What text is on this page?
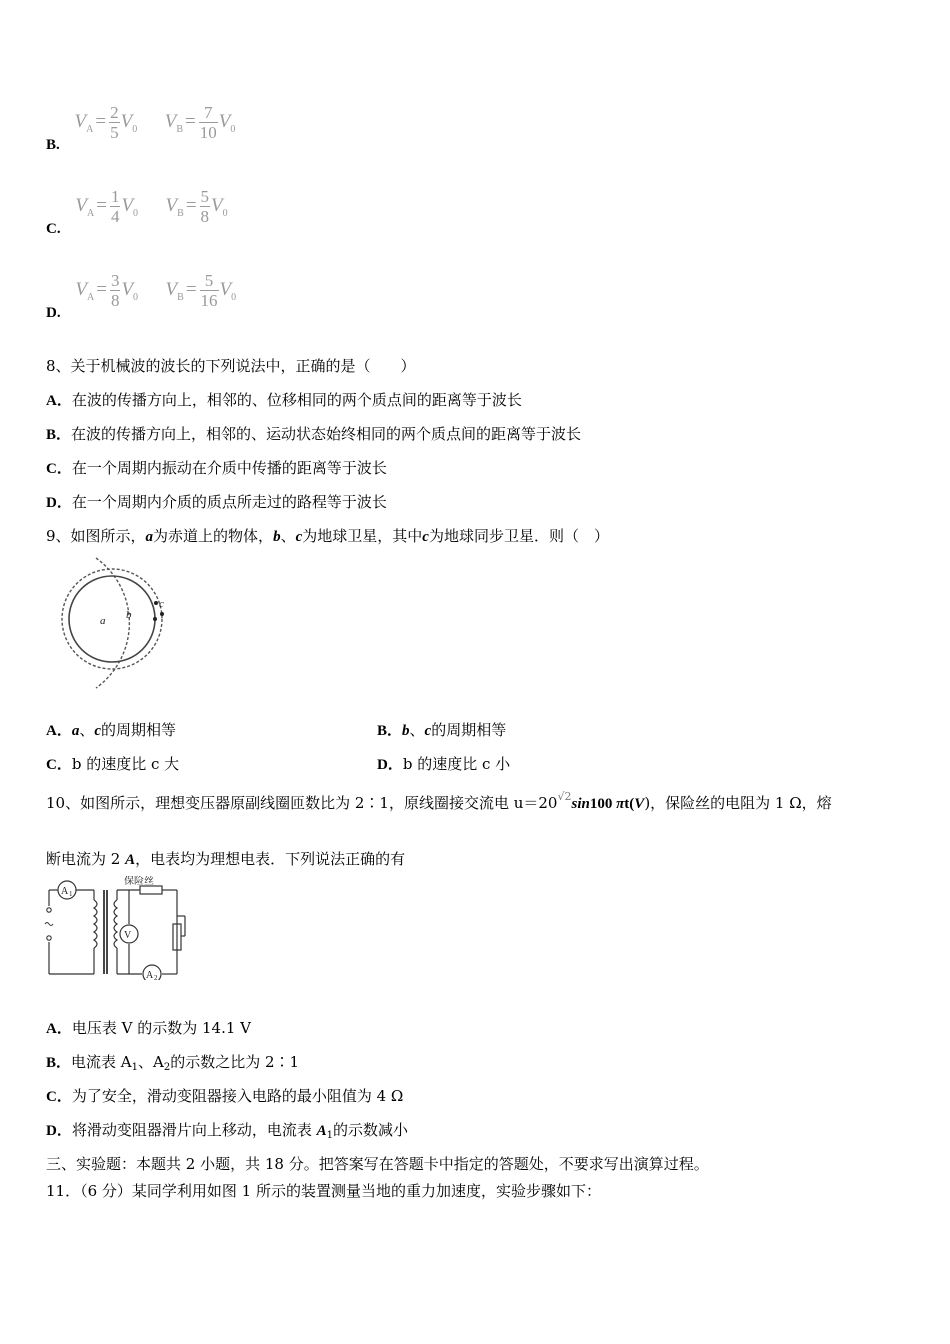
B. $V_A = \frac{2}{5} V_0$ $V_B = \frac{7}{10} V_0$
C. $V_A = \frac{1}{4} V_0$ $V_B = \frac{5}{8} V_0$
D. $V_A = \frac{3}{8} V_0$ $V_B = \frac{5}{16} V_0$
8、关于机械波的波长的下列说法中，正确的是（　　）
A．在波的传播方向上，相邻的、位移相同的两个质点间的距离等于波长
B．在波的传播方向上，相邻的、运动状态始终相同的两个质点间的距离等于波长
C．在一个周期内振动在介质中传播的距离等于波长
D．在一个周期内介质的质点所走过的路程等于波长
9、如图所示，a为赤道上的物体，b、c为地球卫星，其中c为地球同步卫星．则（　）
a b
c
A．a、c的周期相等	B．b、c的周期相等
C．b 的速度比 c 大	D．b 的速度比 c 小
10、如图所示，理想变压器原副线圈匝数比为 2∶1，原线圈接交流电 $u=20^{√2}\sin 100$ πt(V)，保险丝的电阻为 1 Ω，熔
断电流为 2 A，电表均为理想电表．下列说法正确的有
A 1
V
A 2
保险丝
A．电压表 V 的示数为 14.1 V
B．电流表 $A_1$、$A_2$的示数之比为 2∶1
C．为了安全，滑动变阻器接入电路的最小阻值为 4 Ω
D．将滑动变阻器滑片向上移动，电流表 $A_1$的示数减小
三、实验题：本题共 2 小题，共 18 分。把答案写在答题卡中指定的答题处，不要求写出演算过程。
11．（6 分）某同学利用如图 1 所示的装置测量当地的重力加速度，实验步骤如下：
